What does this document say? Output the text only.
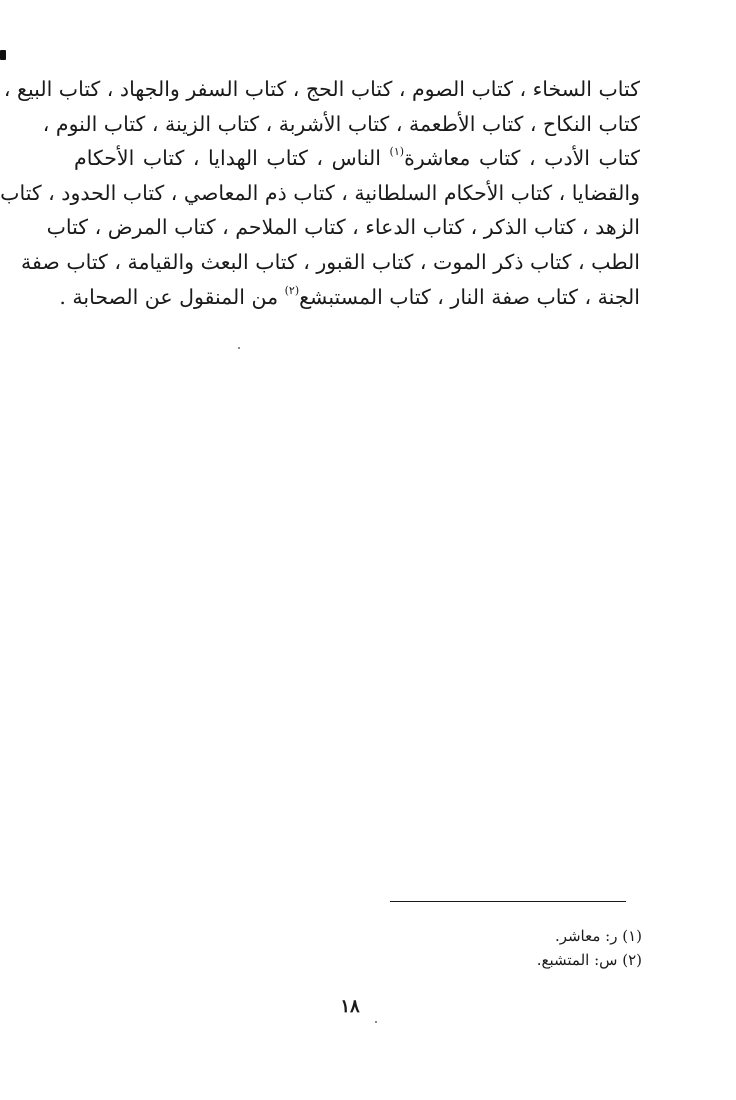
كتاب السخاء ، كتاب الصوم ، كتاب الحج ، كتاب السفر والجهاد ، كتاب البيع ،
كتاب النكاح ، كتاب الأطعمة ، كتاب الأشربة ، كتاب الزينة ، كتاب النوم ،
كتاب الأدب ، كتاب معاشرة$^{(١)}$ الناس ، كتاب الهدايا ، كتاب الأحكام
والقضايا ، كتاب الأحكام السلطانية ، كتاب ذم المعاصي ، كتاب الحدود ، كتاب
الزهد ، كتاب الذكر ، كتاب الدعاء ، كتاب الملاحم ، كتاب المرض ، كتاب
الطب ، كتاب ذكر الموت ، كتاب القبور ، كتاب البعث والقيامة ، كتاب صفة
الجنة ، كتاب صفة النار ، كتاب المستبشع$^{(٢)}$ من المنقول عن الصحابة .
(١) ر: معاشر.
(٢) س: المتشبع.
١٨
